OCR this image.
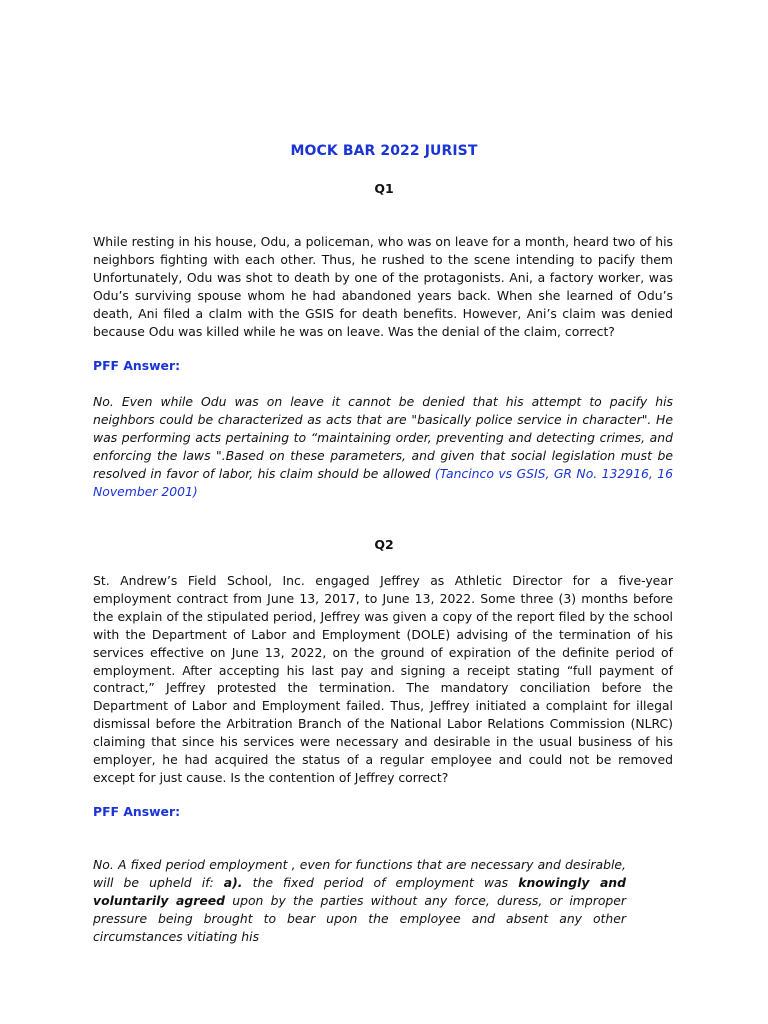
MOCK BAR 2022 JURIST
Q1
While resting in his house, Odu, a policeman, who was on leave for a month, heard two of his neighbors fighting with each other. Thus, he rushed to the scene intending to pacify them Unfortunately, Odu was shot to death by one of the protagonists. Ani, a factory worker, was Odu’s surviving spouse whom he had abandoned years back. When she learned of Odu’s death, Ani filed a claIm with the GSIS for death benefits. However, Ani’s claim was denied because Odu was killed while he was on leave. Was the denial of the claim, correct?
PFF Answer:
No. Even while Odu was on leave it cannot be denied that his attempt to pacify his neighbors could be characterized as acts that are "basically police service in character". He was performing acts pertaining to “maintaining order, preventing and detecting crimes, and enforcing the laws ".Based on these parameters, and given that social legislation must be resolved in favor of labor, his claim should be allowed (Tancinco vs GSIS, GR No. 132916, 16 November 2001)
Q2
St. Andrew’s Field School, Inc. engaged Jeffrey as Athletic Director for a five-year employment contract from June 13, 2017, to June 13, 2022. Some three (3) months before the explain of the stipulated period, Jeffrey was given a copy of the report filed by the school with the Department of Labor and Employment (DOLE) advising of the termination of his services effective on June 13, 2022, on the ground of expiration of the definite period of employment. After accepting his last pay and signing a receipt stating “full payment of contract,” Jeffrey protested the termination. The mandatory conciliation before the Department of Labor and Employment failed. Thus, Jeffrey initiated a complaint for illegal dismissal before the Arbitration Branch of the National Labor Relations Commission (NLRC) claiming that since his services were necessary and desirable in the usual business of his employer, he had acquired the status of a regular employee and could not be removed except for just cause. Is the contention of Jeffrey correct?
PFF Answer:
No. A fixed period employment , even for functions that are necessary and desirable, will be upheld if: a). the fixed period of employment was knowingly and voluntarily agreed upon by the parties without any force, duress, or improper pressure being brought to bear upon the employee and absent any other circumstances vitiating his
